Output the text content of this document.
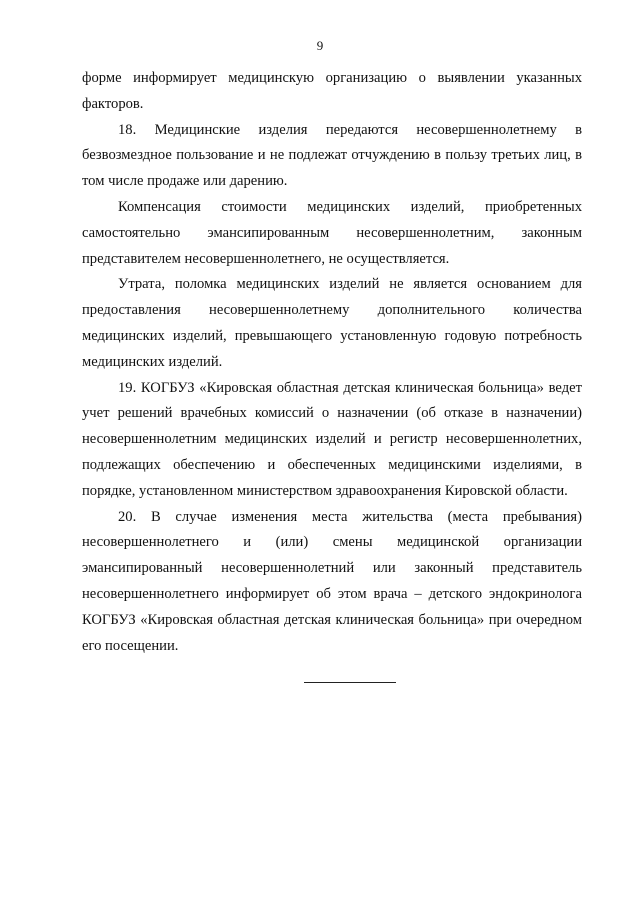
9

форме информирует медицинскую организацию о выявлении указанных факторов.

18. Медицинские изделия передаются несовершеннолетнему в безвозмездное пользование и не подлежат отчуждению в пользу третьих лиц, в том числе продаже или дарению.

Компенсация стоимости медицинских изделий, приобретенных самостоятельно эмансипированным несовершеннолетним, законным представителем несовершеннолетнего, не осуществляется.

Утрата, поломка медицинских изделий не является основанием для предоставления несовершеннолетнему дополнительного количества медицинских изделий, превышающего установленную годовую потребность медицинских изделий.

19. КОГБУЗ «Кировская областная детская клиническая больница» ведет учет решений врачебных комиссий о назначении (об отказе в назначении) несовершеннолетним медицинских изделий и регистр несовершеннолетних, подлежащих обеспечению и обеспеченных медицинскими изделиями, в порядке, установленном министерством здравоохранения Кировской области.

20. В случае изменения места жительства (места пребывания) несовершеннолетнего и (или) смены медицинской организации эмансипированный несовершеннолетний или законный представитель несовершеннолетнего информирует об этом врача – детского эндокринолога КОГБУЗ «Кировская областная детская клиническая больница» при очередном его посещении.
